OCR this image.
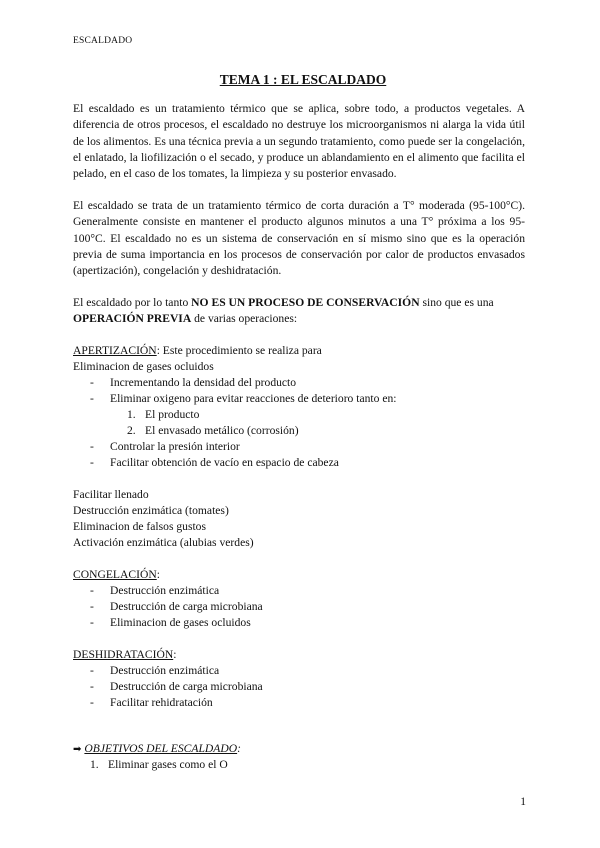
ESCALDADO
TEMA 1 : EL ESCALDADO
El escaldado es un tratamiento térmico que se aplica, sobre todo, a productos vegetales. A diferencia de otros procesos, el escaldado no destruye los microorganismos ni alarga la vida útil de los alimentos. Es una técnica previa a un segundo tratamiento, como puede ser la congelación, el enlatado, la liofilización o el secado, y produce un ablandamiento en el alimento que facilita el pelado, en el caso de los tomates, la limpieza y su posterior envasado.
El escaldado se trata de un tratamiento térmico de corta duración a T° moderada (95-100°C). Generalmente consiste en mantener el producto algunos minutos a una T° próxima a los 95-100°C. El escaldado no es un sistema de conservación en sí mismo sino que es la operación previa de suma importancia en los procesos de conservación por calor de productos envasados (apertización), congelación y deshidratación.
El escaldado por lo tanto NO ES UN PROCESO DE CONSERVACIÓN sino que es una
OPERACIÓN PREVIA de varias operaciones:
APERTIZACIÓN: Este procedimiento se realiza para
Eliminacion de gases ocluidos
- Incrementando la densidad del producto
- Eliminar oxigeno para evitar reacciones de deterioro tanto en:
1. El producto
2. El envasado metálico (corrosión)
- Controlar la presión interior
- Facilitar obtención de vacío en espacio de cabeza
Facilitar llenado
Destrucción enzimática (tomates)
Eliminacion de falsos gustos
Activación enzimática (alubias verdes)
CONGELACIÓN:
- Destrucción enzimática
- Destrucción de carga microbiana
- Eliminacion de gases ocluidos
DESHIDRATACIÓN:
- Destrucción enzimática
- Destrucción de carga microbiana
- Facilitar rehidratación
➡ OBJETIVOS DEL ESCALDADO:
1. Eliminar gases como el O
1
